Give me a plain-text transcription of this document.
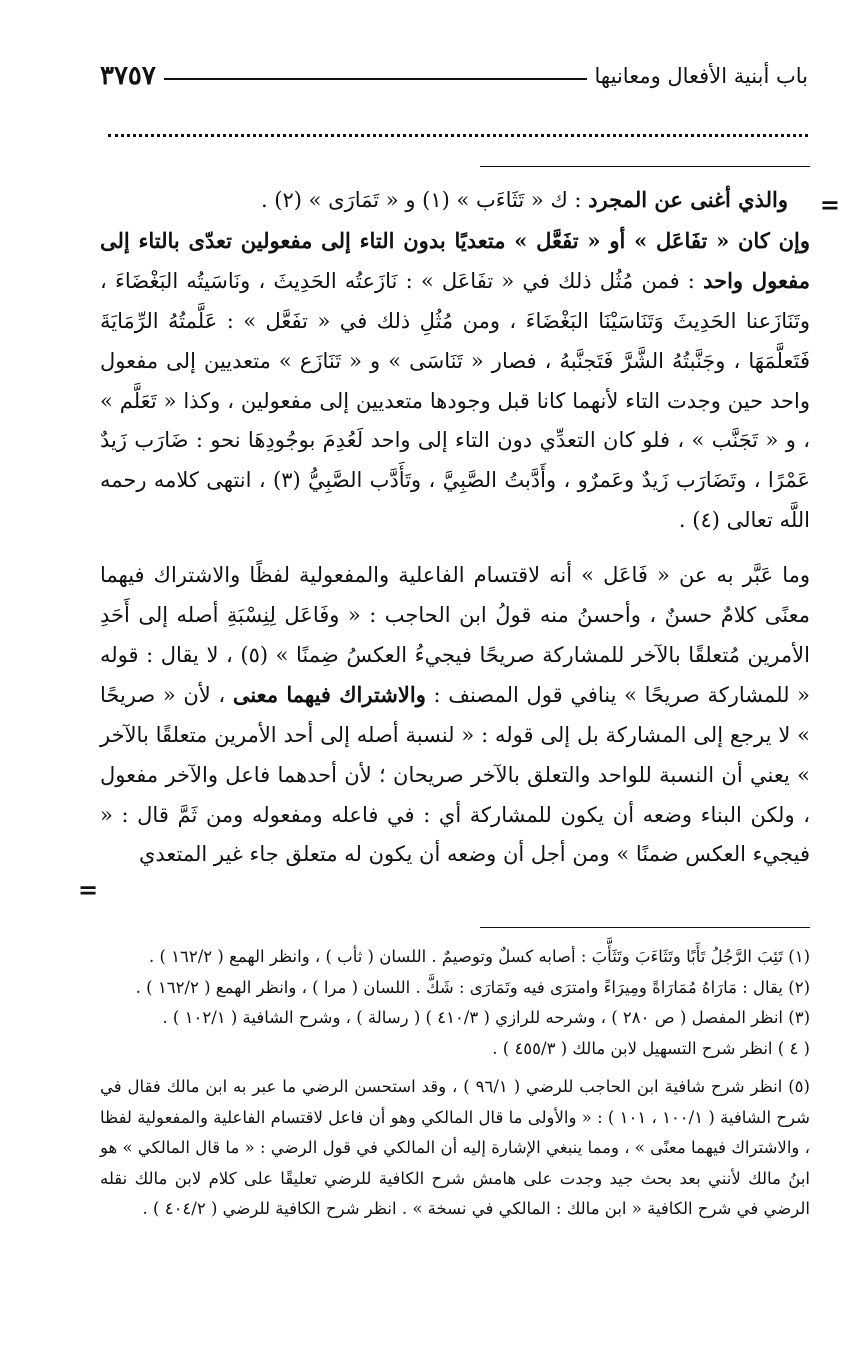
باب أبنية الأفعال ومعانيها
٣٧٥٧
=

والذي أغنى عن المجرد : ك « تَثَاءَب » (١) و « تَمَارَى » (٢) .

وإن كان « تفَاعَل » أو « تفَعَّل » متعديًا بدون التاء إلى مفعولين تعدّى بالتاء إلى مفعول واحد : فمن مُثُل ذلك في « تفَاعَل » : نَازَعتُه الحَدِيثَ ، ونَاسَيتُه البَغْضَاءَ ، وتَنَازَعنا الحَدِيثَ وَتَنَاسَيْنَا البَغْضَاءَ ، ومن مُثُلِ ذلك في « تفَعَّل » : عَلَّمتُهُ الرِّمَايَةَ فَتَعلَّمَهَا ، وجَنَّبتُهُ الشَّرَّ فَتَجنَّبهُ ، فصار « تَنَاسَى » و « تَنَازَع » متعديين إلى مفعول واحد حين وجدت التاء لأنهما كانا قبل وجودها متعديين إلى مفعولين ، وكذا « تَعَلَّم » ، و « تَجَنَّب » ، فلو كان التعدِّي دون التاء إلى واحد لَعُدِمَ بوجُودِهَا نحو : ضَارَب زَيدٌ عَمْرًا ، وتَضَارَب زَيدٌ وعَمرٌو ، وأَدَّبتُ الصَّبِيَّ ، وتَأَدَّب الصَّبِيُّ (٣) ، انتهى كلامه رحمه اللَّه تعالى (٤) .

وما عَبَّر به عن « فَاعَل » أنه لاقتسام الفاعلية والمفعولية لفظًا والاشتراك فيهما معنًى كلامٌ حسنٌ ، وأحسنُ منه قولُ ابن الحاجب : « وفَاعَل لِنِسْبَةِ أصله إلى أَحَدِ الأمرين مُتعلقًا بالآخر للمشاركة صريحًا فيجيءُ العكسُ ضِمنًا » (٥) ، لا يقال : قوله « للمشاركة صريحًا » ينافي قول المصنف : والاشتراك فيهما معنى ، لأن « صريحًا » لا يرجع إلى المشاركة بل إلى قوله : « لنسبة أصله إلى أحد الأمرين متعلقًا بالآخر » يعني أن النسبة للواحد والتعلق بالآخر صريحان ؛ لأن أحدهما فاعل والآخر مفعول ، ولكن البناء وضعه أن يكون للمشاركة أي : في فاعله ومفعوله ومن ثَمَّ قال : « فيجيء العكس ضمنًا » ومن أجل أن وضعه أن يكون له متعلق جاء غير المتعدي

=

(١) تَئِبَ الرَّجُلُ تَأَبًا وتَثَاءَبَ وتَثَأَّبَ : أصابه كسلٌ وتوصيمٌ . اللسان ( ثأب ) ، وانظر الهمع ( ١٦٢/٢ ) .

(٢) يقال : مَارَاهُ مُمَارَاةً ومِيرَاءً وامترَى فيه وتَمَارَى : شَكَّ . اللسان ( مرا ) ، وانظر الهمع ( ١٦٢/٢ ) .

(٣) انظر المفصل ( ص ٢٨٠ ) ، وشرحه للرازي ( ٤١٠/٣ ) ( رسالة ) ، وشرح الشافية ( ١٠٢/١ ) .

( ٤ ) انظر شرح التسهيل لابن مالك ( ٤٥٥/٣ ) .

(٥) انظر شرح شافية ابن الحاجب للرضي ( ٩٦/١ ) ، وقد استحسن الرضي ما عبر به ابن مالك فقال في شرح الشافية ( ١٠٠/١ ، ١٠١ ) : « والأولى ما قال المالكي وهو أن فاعل لاقتسام الفاعلية والمفعولية لفظا ، والاشتراك فيهما معنًى » ، ومما ينبغي الإشارة إليه أن المالكي في قول الرضي : « ما قال المالكي » هو ابنُ مالك لأنني بعد بحث جيد وجدت على هامش شرح الكافية للرضي تعليقًا على كلام لابن مالك نقله الرضي في شرح الكافية « ابن مالك : المالكي في نسخة » . انظر شرح الكافية للرضي ( ٤٠٤/٢ ) .
